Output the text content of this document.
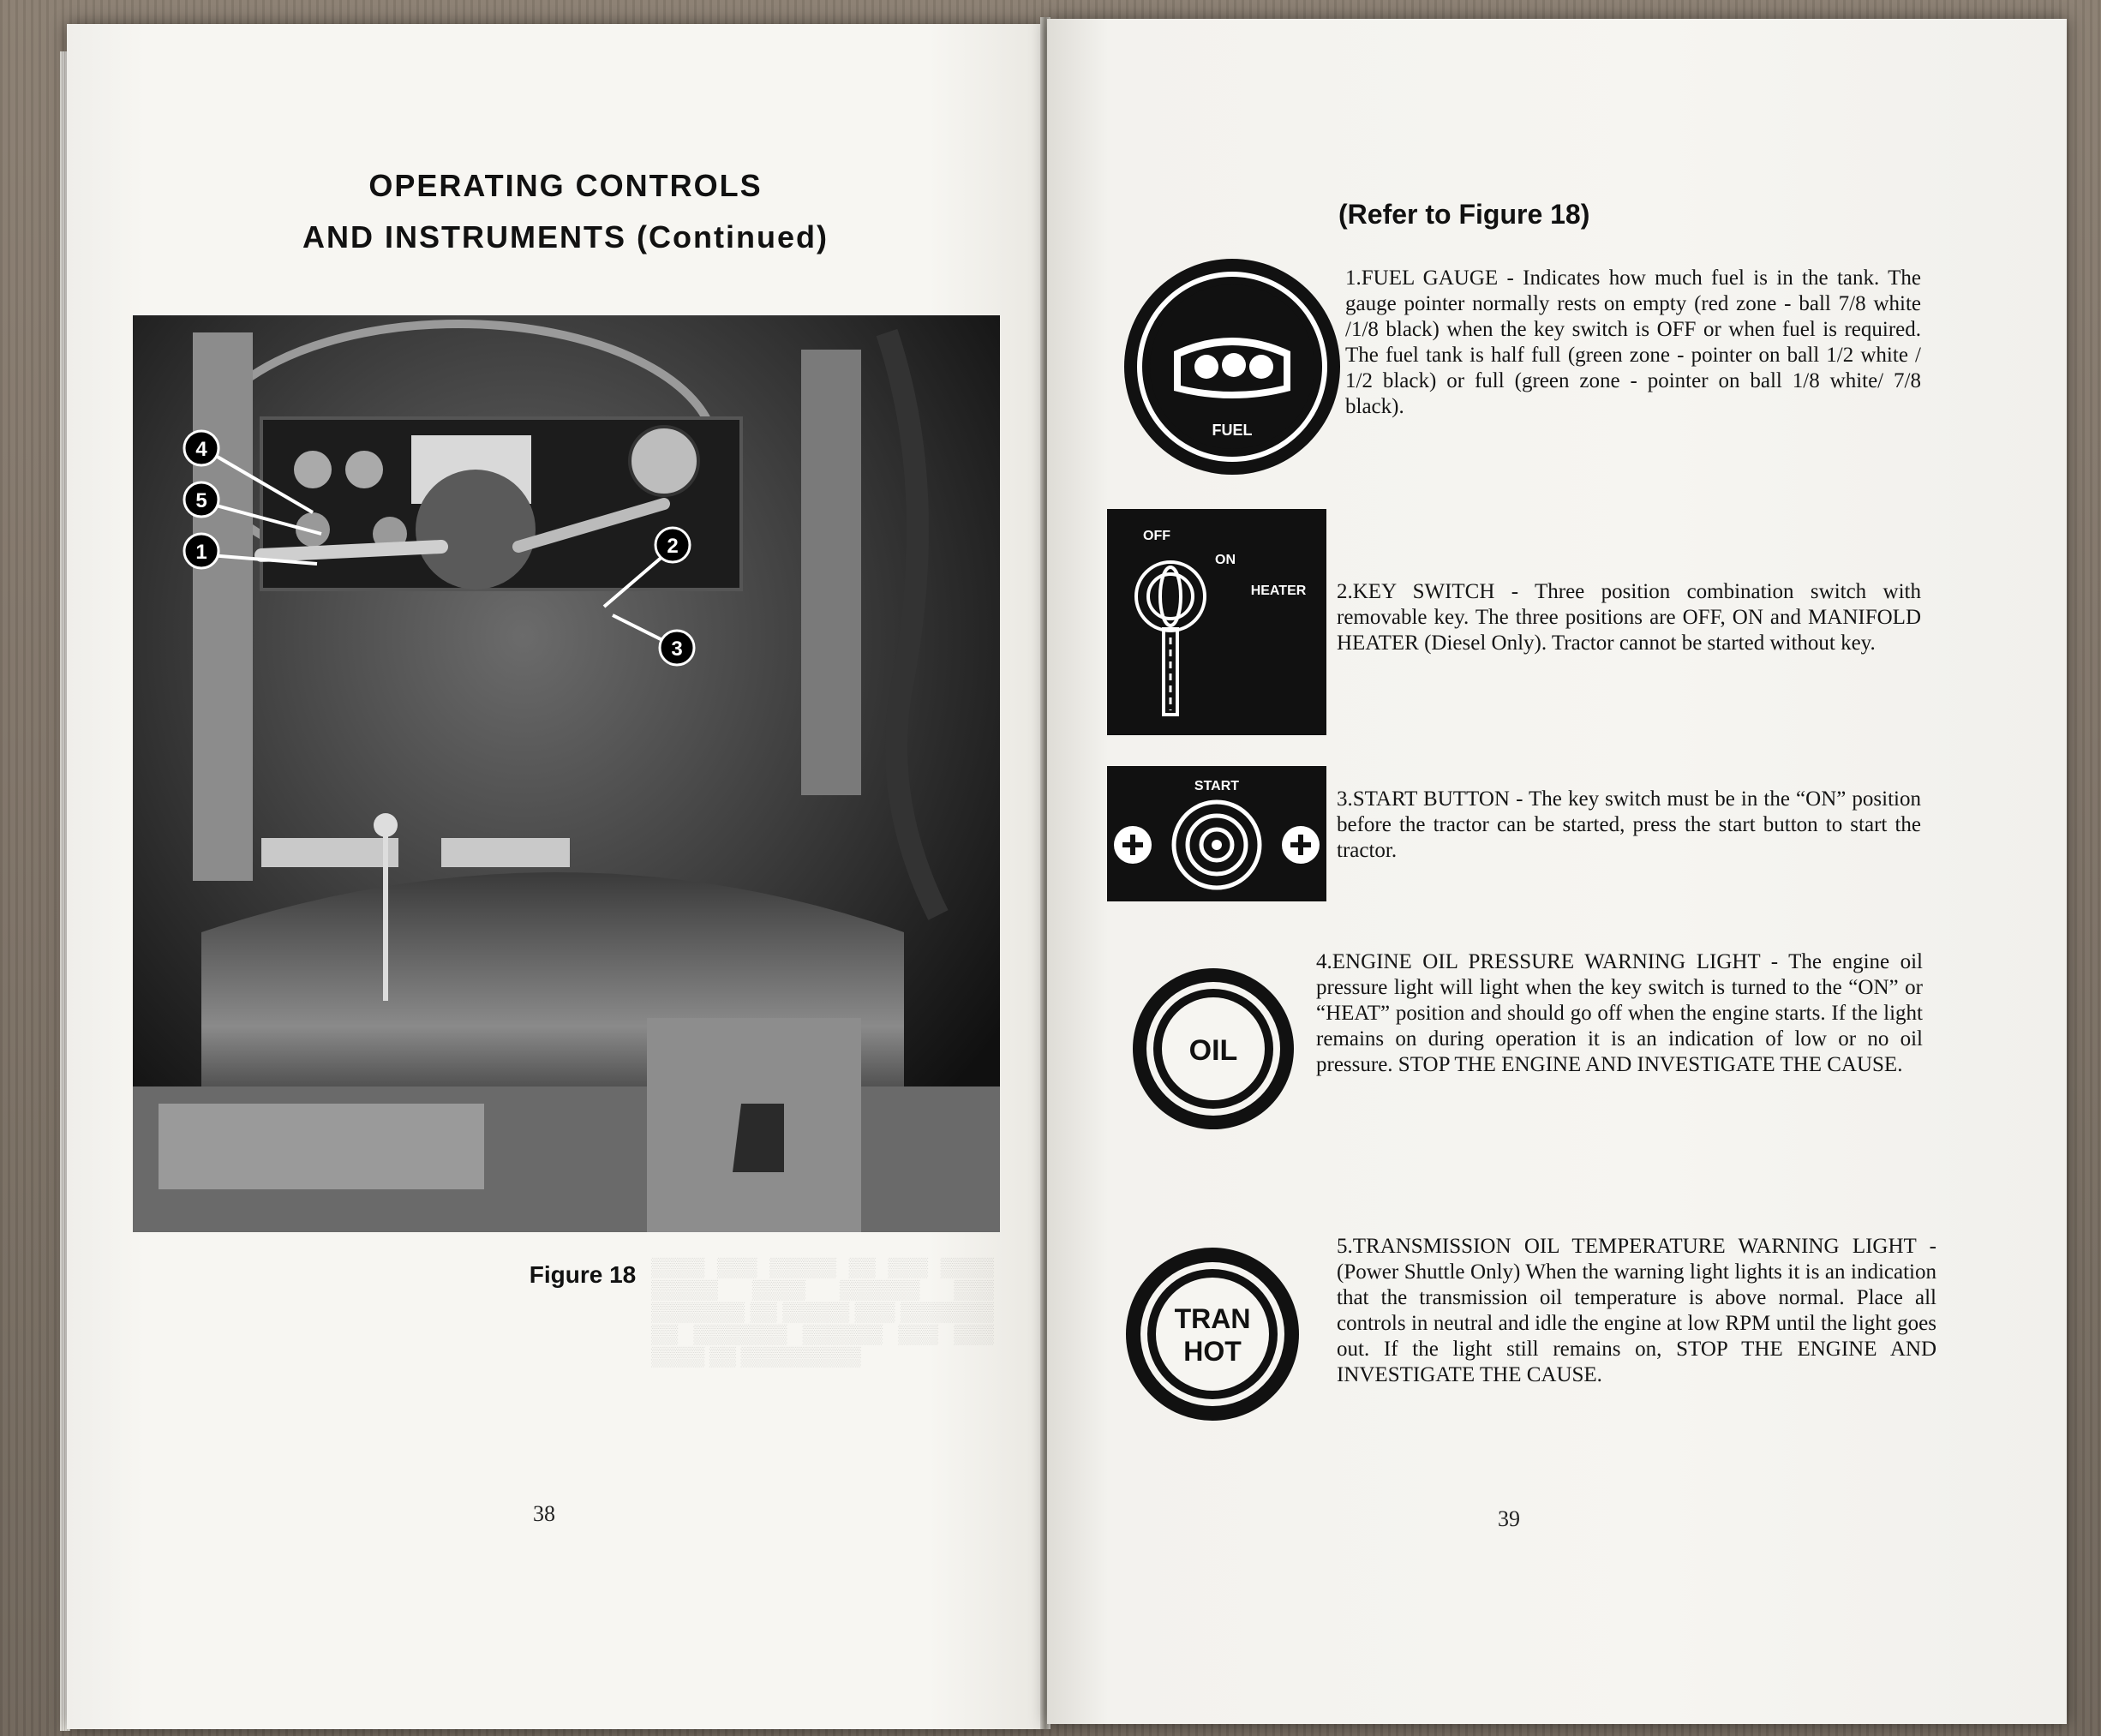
OPERATING CONTROLS
AND INSTRUMENTS (Continued)
4
5
1	2
3
Figure 18 ▒▒▒▒ ▒▒▒ ▒▒▒▒▒ ▒▒ ▒▒▒ ▒▒▒▒ ▒▒▒▒▒ ▒▒▒▒ ▒▒▒▒▒▒ ▒▒▒ ▒▒▒▒▒▒▒ ▒▒ ▒▒▒▒▒ ▒▒▒ ▒▒▒▒▒▒▒ ▒▒ ▒▒▒▒▒▒▒ ▒▒▒▒▒▒ ▒▒▒ ▒▒▒ ▒▒▒▒ ▒▒ ▒▒▒▒▒▒▒▒▒
38
(Refer to Figure 18)
FUEL
OFF
ON
HEATER
START
OIL
TRAN
HOT
1.FUEL GAUGE - Indicates how much fuel is in the tank. The gauge pointer normally rests on empty (red zone - ball 7/8 white /1/8 black) when the key switch is OFF or when fuel is required. The fuel tank is half full (green zone - pointer on ball 1/2 white / 1/2 black) or full (green zone - pointer on ball 1/8 white/ 7/8 black).
2.KEY SWITCH - Three position combination switch with removable key. The three positions are OFF, ON and MANIFOLD HEATER (Diesel Only). Tractor cannot be started without key.
3.START BUTTON - The key switch must be in the “ON” position before the tractor can be started, press the start button to start the tractor.
4.ENGINE OIL PRESSURE WARNING LIGHT - The engine oil pressure light will light when the key switch is turned to the “ON” or “HEAT” position and should go off when the engine starts. If the light remains on during operation it is an indication of low or no oil pressure. STOP THE ENGINE AND INVESTIGATE THE CAUSE.
5.TRANSMISSION OIL TEMPERATURE WARNING LIGHT - (Power Shuttle Only) When the warning light lights it is an indication that the transmission oil temperature is above normal. Place all controls in neutral and idle the engine at low RPM until the light goes out. If the light still remains on, STOP THE ENGINE AND INVESTIGATE THE CAUSE.
39
